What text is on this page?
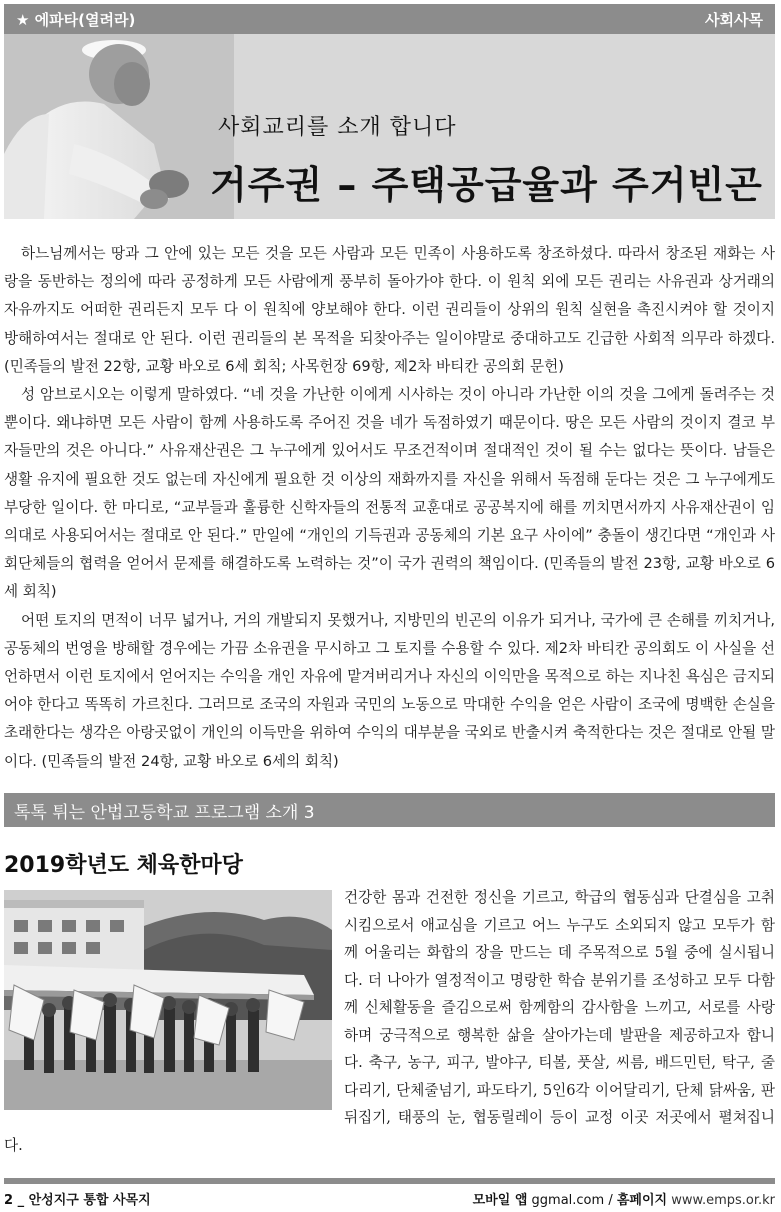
★ 에파타(열려라)	사회사목
사회교리를 소개 합니다
거주권 – 주택공급율과 주거빈곤

하느님께서는 땅과 그 안에 있는 모든 것을 모든 사람과 모든 민족이 사용하도록 창조하셨다. 따라서 창조된 재화는 사랑을 동반하는 정의에 따라 공정하게 모든 사람에게 풍부히 돌아가야 한다. 이 원칙 외에 모든 권리는 사유권과 상거래의 자유까지도 어떠한 권리든지 모두 다 이 원칙에 양보해야 한다. 이런 권리들이 상위의 원칙 실현을 촉진시켜야 할 것이지 방해하여서는 절대로 안 된다. 이런 권리들의 본 목적을 되찾아주는 일이야말로 중대하고도 긴급한 사회적 의무라 하겠다. (민족들의 발전 22항, 교황 바오로 6세 회칙; 사목헌장 69항, 제2차 바티칸 공의회 문헌)

성 암브로시오는 이렇게 말하였다. “네 것을 가난한 이에게 시사하는 것이 아니라 가난한 이의 것을 그에게 돌려주는 것뿐이다. 왜냐하면 모든 사람이 함께 사용하도록 주어진 것을 네가 독점하였기 때문이다. 땅은 모든 사람의 것이지 결코 부자들만의 것은 아니다.” 사유재산권은 그 누구에게 있어서도 무조건적이며 절대적인 것이 될 수는 없다는 뜻이다. 남들은 생활 유지에 필요한 것도 없는데 자신에게 필요한 것 이상의 재화까지를 자신을 위해서 독점해 둔다는 것은 그 누구에게도 부당한 일이다. 한 마디로, “교부들과 훌륭한 신학자들의 전통적 교훈대로 공공복지에 해를 끼치면서까지 사유재산권이 임의대로 사용되어서는 절대로 안 된다.” 만일에 “개인의 기득권과 공동체의 기본 요구 사이에” 충돌이 생긴다면 “개인과 사회단체들의 협력을 얻어서 문제를 해결하도록 노력하는 것”이 국가 권력의 책임이다. (민족들의 발전 23항, 교황 바오로 6세 회칙)

어떤 토지의 면적이 너무 넓거나, 거의 개발되지 못했거나, 지방민의 빈곤의 이유가 되거나, 국가에 큰 손해를 끼치거나, 공동체의 번영을 방해할 경우에는 가끔 소유권을 무시하고 그 토지를 수용할 수 있다. 제2차 바티칸 공의회도 이 사실을 선언하면서 이런 토지에서 얻어지는 수익을 개인 자유에 맡겨버리거나 자신의 이익만을 목적으로 하는 지나친 욕심은 금지되어야 한다고 똑똑히 가르친다. 그러므로 조국의 자원과 국민의 노동으로 막대한 수익을 얻은 사람이 조국에 명백한 손실을 초래한다는 생각은 아랑곳없이 개인의 이득만을 위하여 수익의 대부분을 국외로 반출시켜 축적한다는 것은 절대로 안될 말이다. (민족들의 발전 24항, 교황 바오로 6세의 회칙)

톡톡 튀는 안법고등학교 프로그램 소개 3
2019학년도 체육한마당
건강한 몸과 건전한 정신을 기르고, 학급의 협동심과 단결심을 고취시킴으로서 애교심을 기르고 어느 누구도 소외되지 않고 모두가 함께 어울리는 화합의 장을 만드는 데 주목적으로 5월 중에 실시됩니다. 더 나아가 열정적이고 명랑한 학습 분위기를 조성하고 모두 다함께 신체활동을 즐김으로써 함께함의 감사함을 느끼고, 서로를 사랑하며 궁극적으로 행복한 삶을 살아가는데 발판을 제공하고자 합니다. 축구, 농구, 피구, 발야구, 티볼, 풋살, 씨름, 배드민턴, 탁구, 줄다리기, 단체줄넘기, 파도타기, 5인6각 이어달리기, 단체 닭싸움, 판뒤집기, 태풍의 눈, 협동릴레이 등이 교정 이곳 저곳에서 펼쳐집니다.
2 _ 안성지구 통합 사목지	모바일 앱 ggmal.com / 홈페이지 www.emps.or.kr
